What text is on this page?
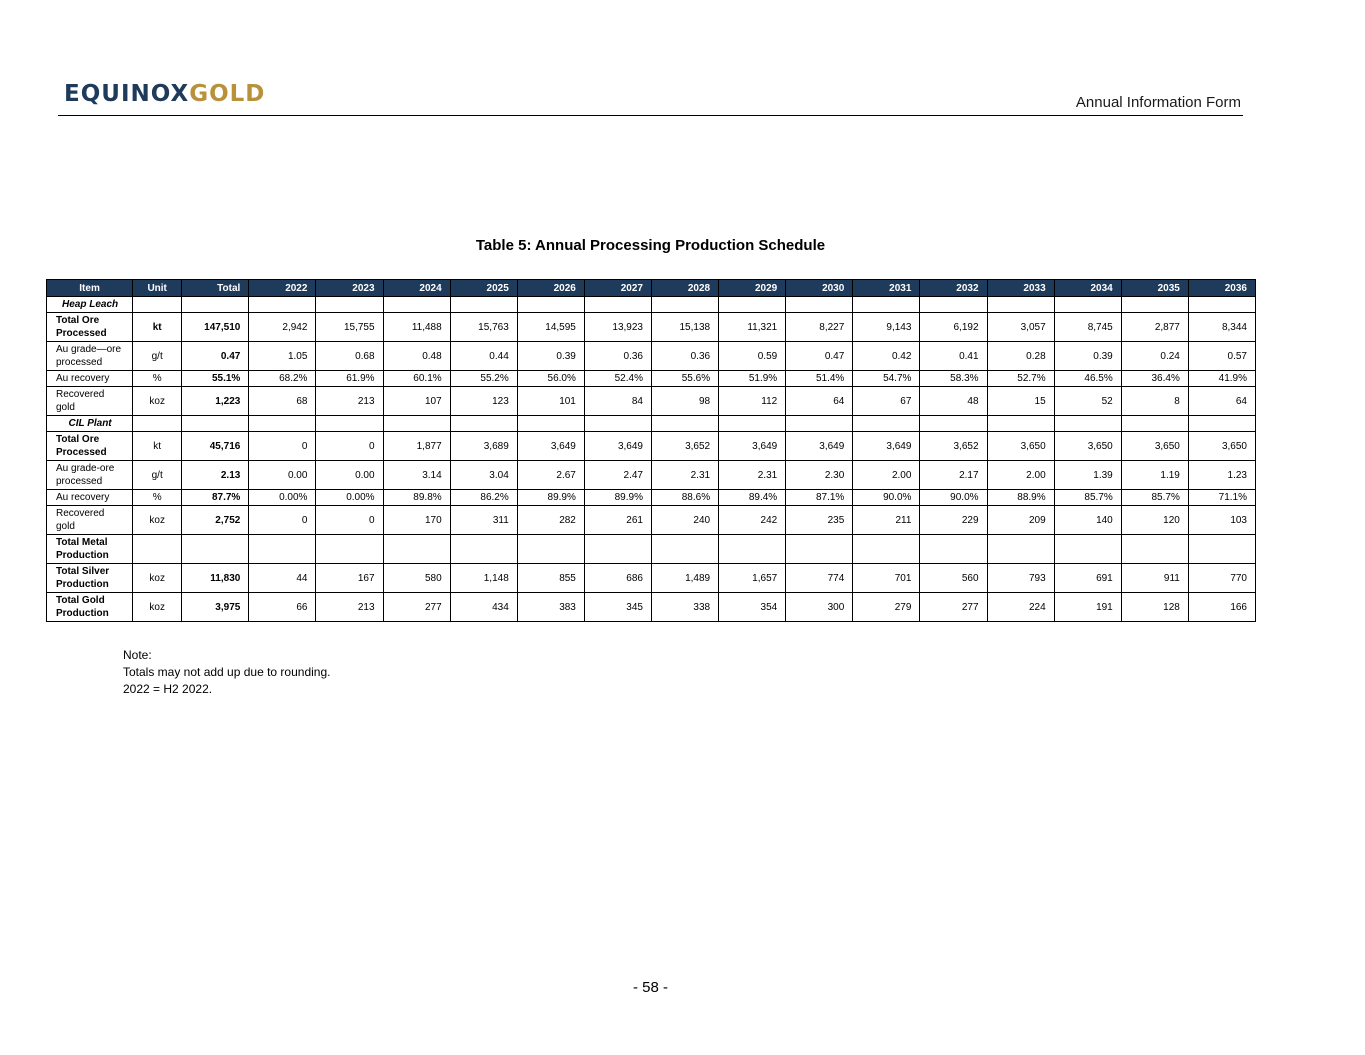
EQUINOXGOLD	Annual Information Form
Table 5: Annual Processing Production Schedule
Item	Unit	Total	2022	2023	2024	2025	2026	2027	2028	2029	2030	2031	2032	2033	2034	2035	2036
Heap Leach																	
Total Ore Processed	kt	147,510	2,942	15,755	11,488	15,763	14,595	13,923	15,138	11,321	8,227	9,143	6,192	3,057	8,745	2,877	8,344
Au grade—ore processed	g/t	0.47	1.05	0.68	0.48	0.44	0.39	0.36	0.36	0.59	0.47	0.42	0.41	0.28	0.39	0.24	0.57
Au recovery	%	55.1%	68.2%	61.9%	60.1%	55.2%	56.0%	52.4%	55.6%	51.9%	51.4%	54.7%	58.3%	52.7%	46.5%	36.4%	41.9%
Recovered gold	koz	1,223	68	213	107	123	101	84	98	112	64	67	48	15	52	8	64
CIL Plant																	
Total Ore Processed	kt	45,716	0	0	1,877	3,689	3,649	3,649	3,652	3,649	3,649	3,649	3,652	3,650	3,650	3,650	3,650
Au grade-ore processed	g/t	2.13	0.00	0.00	3.14	3.04	2.67	2.47	2.31	2.31	2.30	2.00	2.17	2.00	1.39	1.19	1.23
Au recovery	%	87.7%	0.00%	0.00%	89.8%	86.2%	89.9%	89.9%	88.6%	89.4%	87.1%	90.0%	90.0%	88.9%	85.7%	85.7%	71.1%
Recovered gold	koz	2,752	0	0	170	311	282	261	240	242	235	211	229	209	140	120	103
Total Metal Production																	
Total Silver Production	koz	11,830	44	167	580	1,148	855	686	1,489	1,657	774	701	560	793	691	911	770
Total Gold Production	koz	3,975	66	213	277	434	383	345	338	354	300	279	277	224	191	128	166
Note:
Totals may not add up due to rounding.
2022 = H2 2022.
- 58 -
